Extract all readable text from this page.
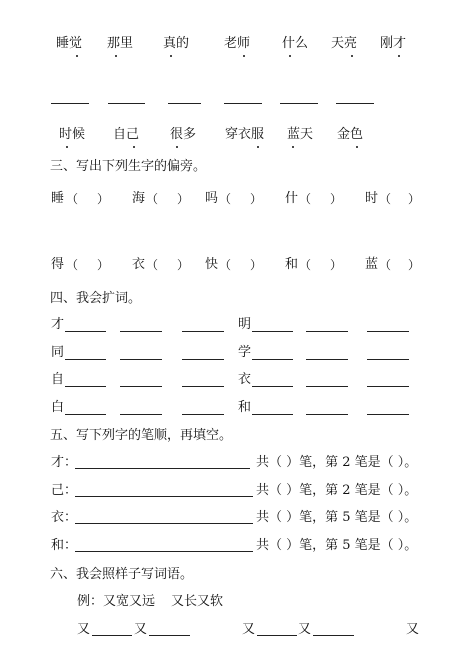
睡觉 那里 真的	老师 什么 天亮 刚才
时候 自己 很多 穿衣服 蓝天 金色
三、写出下列生字的偏旁。
睡 （ ） 海 （ ） 吗 （ ） 什 （ ） 时 （ ）
得 （ ） 衣 （ ） 快 （ ） 和 （ ） 蓝 （ ）
四、我会扩词。
才	明
同	学
自	衣
白	和
五、写下列字的笔顺，再填空。
才：	共（ ）笔，第 2 笔是（ ）。
己：	共（ ）笔，第 2 笔是（ ）。
衣：	共（ ）笔，第 5 笔是（ ）。
和：	共（ ）笔，第 5 笔是（ ）。
六、我会照样子写词语。
例：又宽又远 又长又软
又	又	又	又	又
